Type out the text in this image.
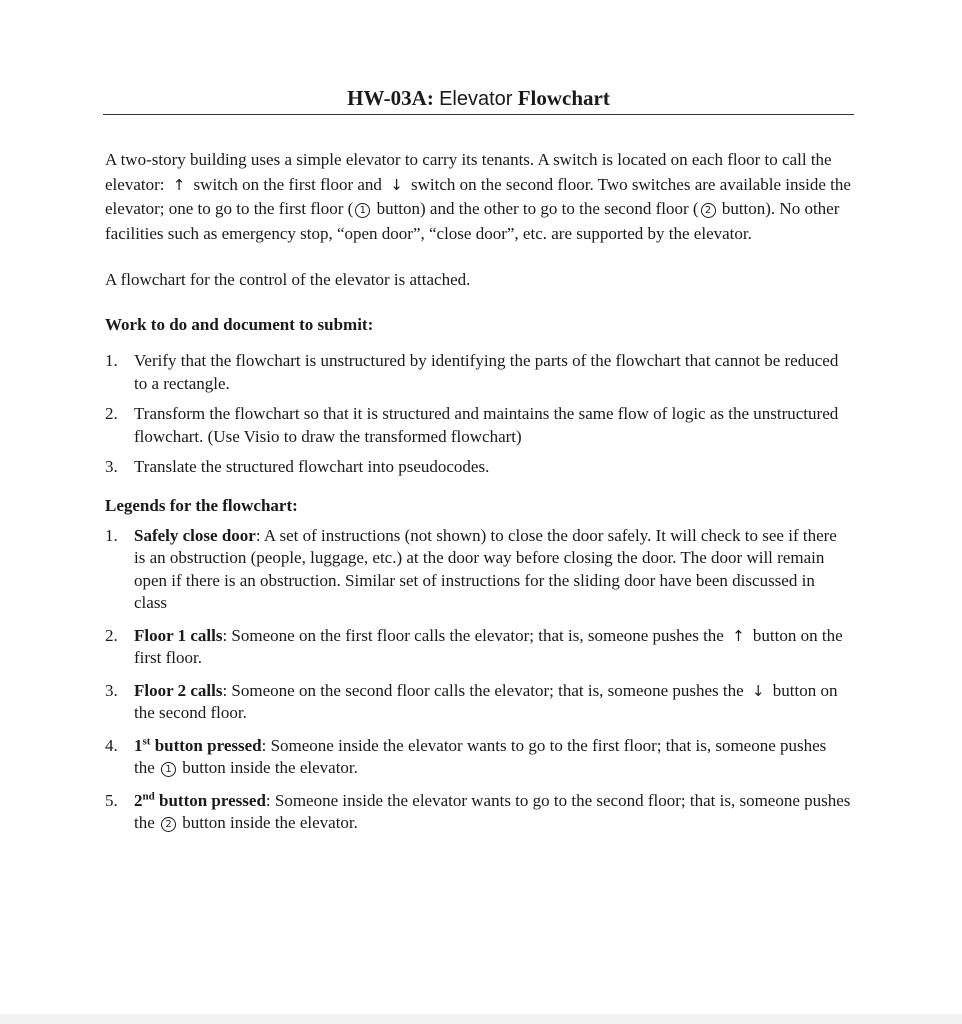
HW-03A: Elevator Flowchart

A two-story building uses a simple elevator to carry its tenants. A switch is located on each floor to call the elevator: ↑ switch on the first floor and ↓ switch on the second floor. Two switches are available inside the elevator; one to go to the first floor ( 1 button) and the other to go to the second floor ( 2 button). No other facilities such as emergency stop, “open door”, “close door”, etc. are supported by the elevator.

A flowchart for the control of the elevator is attached.

Work to do and document to submit:
1. Verify that the flowchart is unstructured by identifying the parts of the flowchart that cannot be reduced to a rectangle.
2. Transform the flowchart so that it is structured and maintains the same flow of logic as the unstructured flowchart. (Use Visio to draw the transformed flowchart)
3. Translate the structured flowchart into pseudocodes.
Legends for the flowchart:
1. Safely close door: A set of instructions (not shown) to close the door safely. It will check to see if there is an obstruction (people, luggage, etc.) at the door way before closing the door. The door will remain open if there is an obstruction. Similar set of instructions for the sliding door have been discussed in class
2. Floor 1 calls: Someone on the first floor calls the elevator; that is, someone pushes the ↑ button on the first floor.
3. Floor 2 calls: Someone on the second floor calls the elevator; that is, someone pushes the ↓ button on the second floor.
4. 1st button pressed: Someone inside the elevator wants to go to the first floor; that is, someone pushes the 1 button inside the elevator.
5. 2nd button pressed: Someone inside the elevator wants to go to the second floor; that is, someone pushes the 2 button inside the elevator.
